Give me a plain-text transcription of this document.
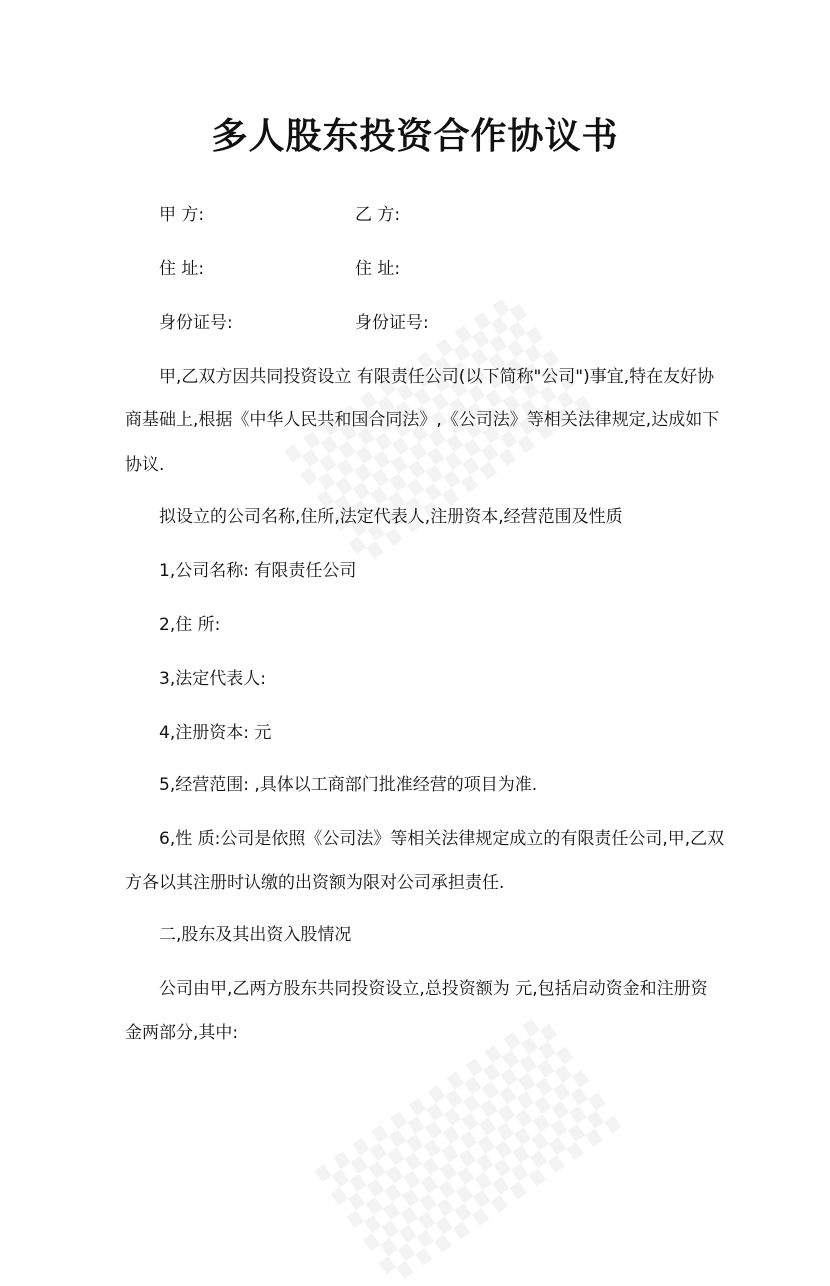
多人股东投资合作协议书
甲 方:	乙 方:
住 址:	住 址:
身份证号:	身份证号:
甲,乙双方因共同投资设立 有限责任公司(以下简称"公司")事宜,特在友好协
商基础上,根据《中华人民共和国合同法》,《公司法》等相关法律规定,达成如下
协议.
拟设立的公司名称,住所,法定代表人,注册资本,经营范围及性质
1,公司名称: 有限责任公司
2,住 所:
3,法定代表人:
4,注册资本: 元
5,经营范围: ,具体以工商部门批准经营的项目为准.
6,性 质:公司是依照《公司法》等相关法律规定成立的有限责任公司,甲,乙双
方各以其注册时认缴的出资额为限对公司承担责任.
二,股东及其出资入股情况
公司由甲,乙两方股东共同投资设立,总投资额为 元,包括启动资金和注册资
金两部分,其中:
